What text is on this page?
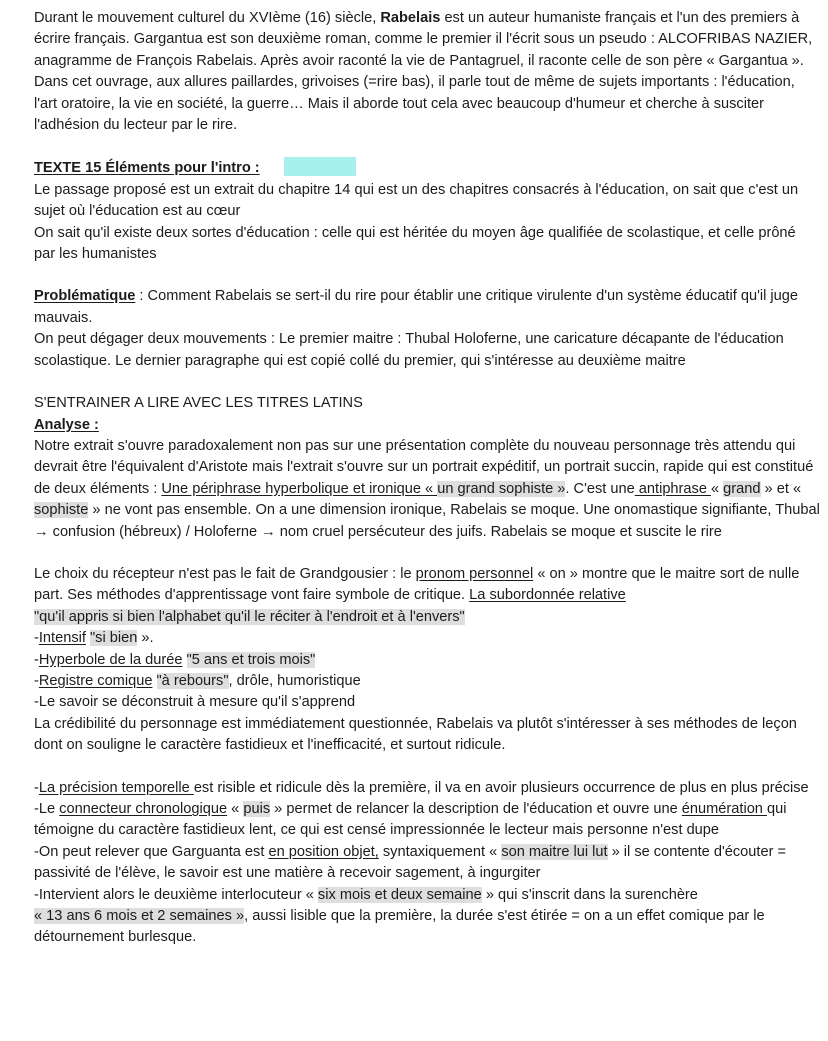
Durant le mouvement culturel du XVIème (16) siècle, Rabelais est un auteur humaniste français et l'un des premiers à écrire français. Gargantua est son deuxième roman, comme le premier il l'écrit sous un pseudo : ALCOFRIBAS NAZIER, anagramme de François Rabelais. Après avoir raconté la vie de Pantagruel, il raconte celle de son père « Gargantua ». Dans cet ouvrage, aux allures paillardes, grivoises (=rire bas), il parle tout de même de sujets importants : l'éducation, l'art oratoire, la vie en société, la guerre… Mais il aborde tout cela avec beaucoup d'humeur et cherche à susciter l'adhésion du lecteur par le rire.

TEXTE 15 Éléments pour l'intro :

Le passage proposé est un extrait du chapitre 14 qui est un des chapitres consacrés à l'éducation, on sait que c'est un sujet où l'éducation est au cœur

On sait qu'il existe deux sortes d'éducation : celle qui est héritée du moyen âge qualifiée de scolastique, et celle prôné par les humanistes

Problématique : Comment Rabelais se sert-il du rire pour établir une critique virulente d'un système éducatif qu'il juge mauvais.

On peut dégager deux mouvements : Le premier maitre : Thubal Holoferne, une caricature décapante de l'éducation scolastique. Le dernier paragraphe qui est copié collé du premier, qui s'intéresse au deuxième maitre

S'ENTRAINER A LIRE AVEC LES TITRES LATINS

Analyse :

Notre extrait s'ouvre paradoxalement non pas sur une présentation complète du nouveau personnage très attendu qui devrait être l'équivalent d'Aristote mais l'extrait s'ouvre sur un portrait expéditif, un portrait succin, rapide qui est constitué de deux éléments : Une périphrase hyperbolique et ironique « un grand sophiste ». C'est une antiphrase « grand » et « sophiste » ne vont pas ensemble. On a une dimension ironique, Rabelais se moque. Une onomastique signifiante, Thubal → confusion (hébreux) / Holoferne → nom cruel persécuteur des juifs. Rabelais se moque et suscite le rire

Le choix du récepteur n'est pas le fait de Grandgousier : le pronom personnel « on » montre que le maitre sort de nulle part. Ses méthodes d'apprentissage vont faire symbole de critique. La subordonnée relative

"qu'il appris si bien l'alphabet qu'il le réciter à l'endroit et à l'envers"

-Intensif "si bien ».

-Hyperbole de la durée "5 ans et trois mois"

-Registre comique "à rebours", drôle, humoristique

-Le savoir se déconstruit à mesure qu'il s'apprend

La crédibilité du personnage est immédiatement questionnée, Rabelais va plutôt s'intéresser à ses méthodes de leçon dont on souligne le caractère fastidieux et l'inefficacité, et surtout ridicule.

-La précision temporelle est risible et ridicule dès la première, il va en avoir plusieurs occurrence de plus en plus précise

-Le connecteur chronologique « puis » permet de relancer la description de l'éducation et ouvre une énumération qui témoigne du caractère fastidieux lent, ce qui est censé impressionnée le lecteur mais personne n'est dupe

-On peut relever que Garguanta est en position objet, syntaxiquement « son maitre lui lut » il se contente d'écouter = passivité de l'élève, le savoir est une matière à recevoir sagement, à ingurgiter

-Intervient alors le deuxième interlocuteur « six mois et deux semaine » qui s'inscrit dans la surenchère

« 13 ans 6 mois et 2 semaines », aussi lisible que la première, la durée s'est étirée = on a un effet comique par le détournement burlesque.
